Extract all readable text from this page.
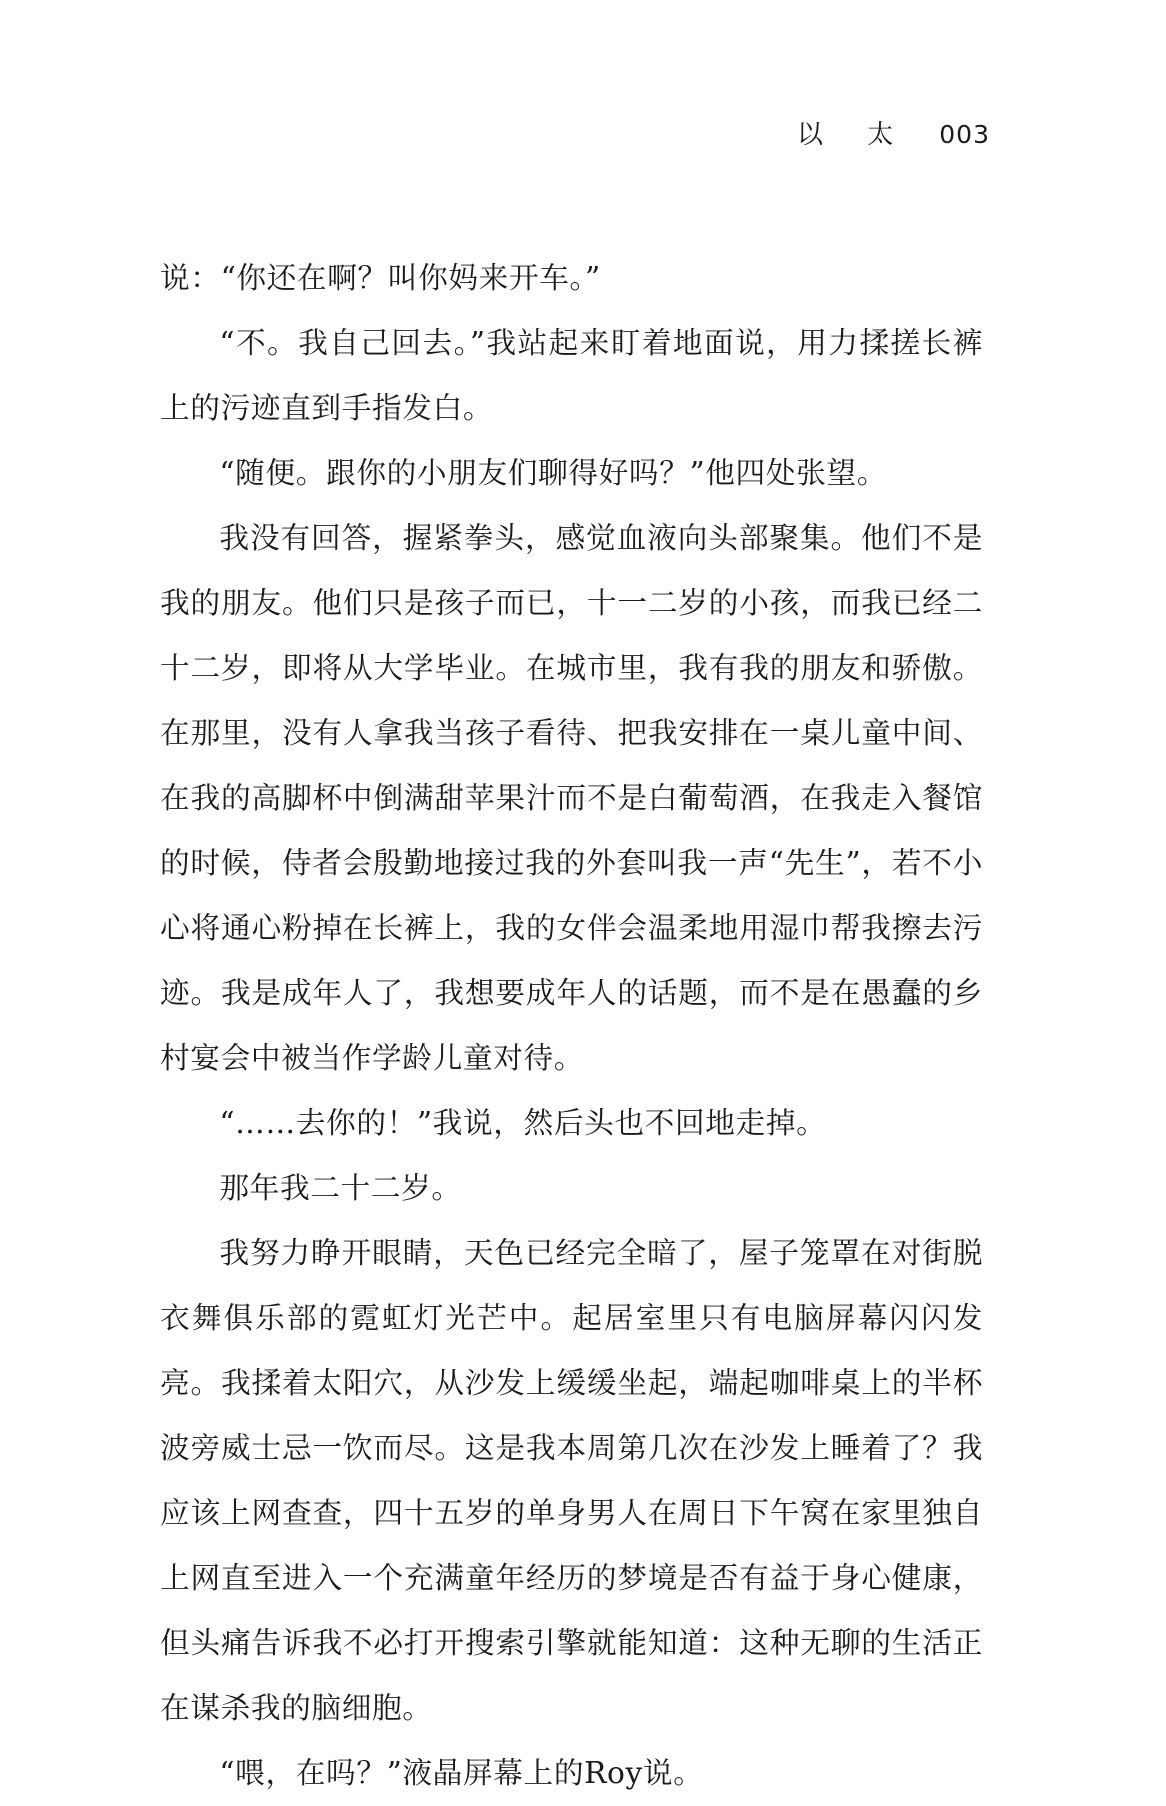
以 太 003

说：“你还在啊？叫你妈来开车。”

“不。我自己回去。”我站起来盯着地面说，用力揉搓长裤上的污迹直到手指发白。

“随便。跟你的小朋友们聊得好吗？”他四处张望。

我没有回答，握紧拳头，感觉血液向头部聚集。他们不是我的朋友。他们只是孩子而已，十一二岁的小孩，而我已经二十二岁，即将从大学毕业。在城市里，我有我的朋友和骄傲。在那里，没有人拿我当孩子看待、把我安排在一桌儿童中间、在我的高脚杯中倒满甜苹果汁而不是白葡萄酒，在我走入餐馆的时候，侍者会殷勤地接过我的外套叫我一声“先生”，若不小心将通心粉掉在长裤上，我的女伴会温柔地用湿巾帮我擦去污迹。我是成年人了，我想要成年人的话题，而不是在愚蠢的乡村宴会中被当作学龄儿童对待。

“……去你的！”我说，然后头也不回地走掉。

那年我二十二岁。

我努力睁开眼睛，天色已经完全暗了，屋子笼罩在对街脱衣舞俱乐部的霓虹灯光芒中。起居室里只有电脑屏幕闪闪发亮。我揉着太阳穴，从沙发上缓缓坐起，端起咖啡桌上的半杯波旁威士忌一饮而尽。这是我本周第几次在沙发上睡着了？我应该上网查查，四十五岁的单身男人在周日下午窝在家里独自上网直至进入一个充满童年经历的梦境是否有益于身心健康，但头痛告诉我不必打开搜索引擎就能知道：这种无聊的生活正在谋杀我的脑细胞。

“喂，在吗？”液晶屏幕上的Roy说。
